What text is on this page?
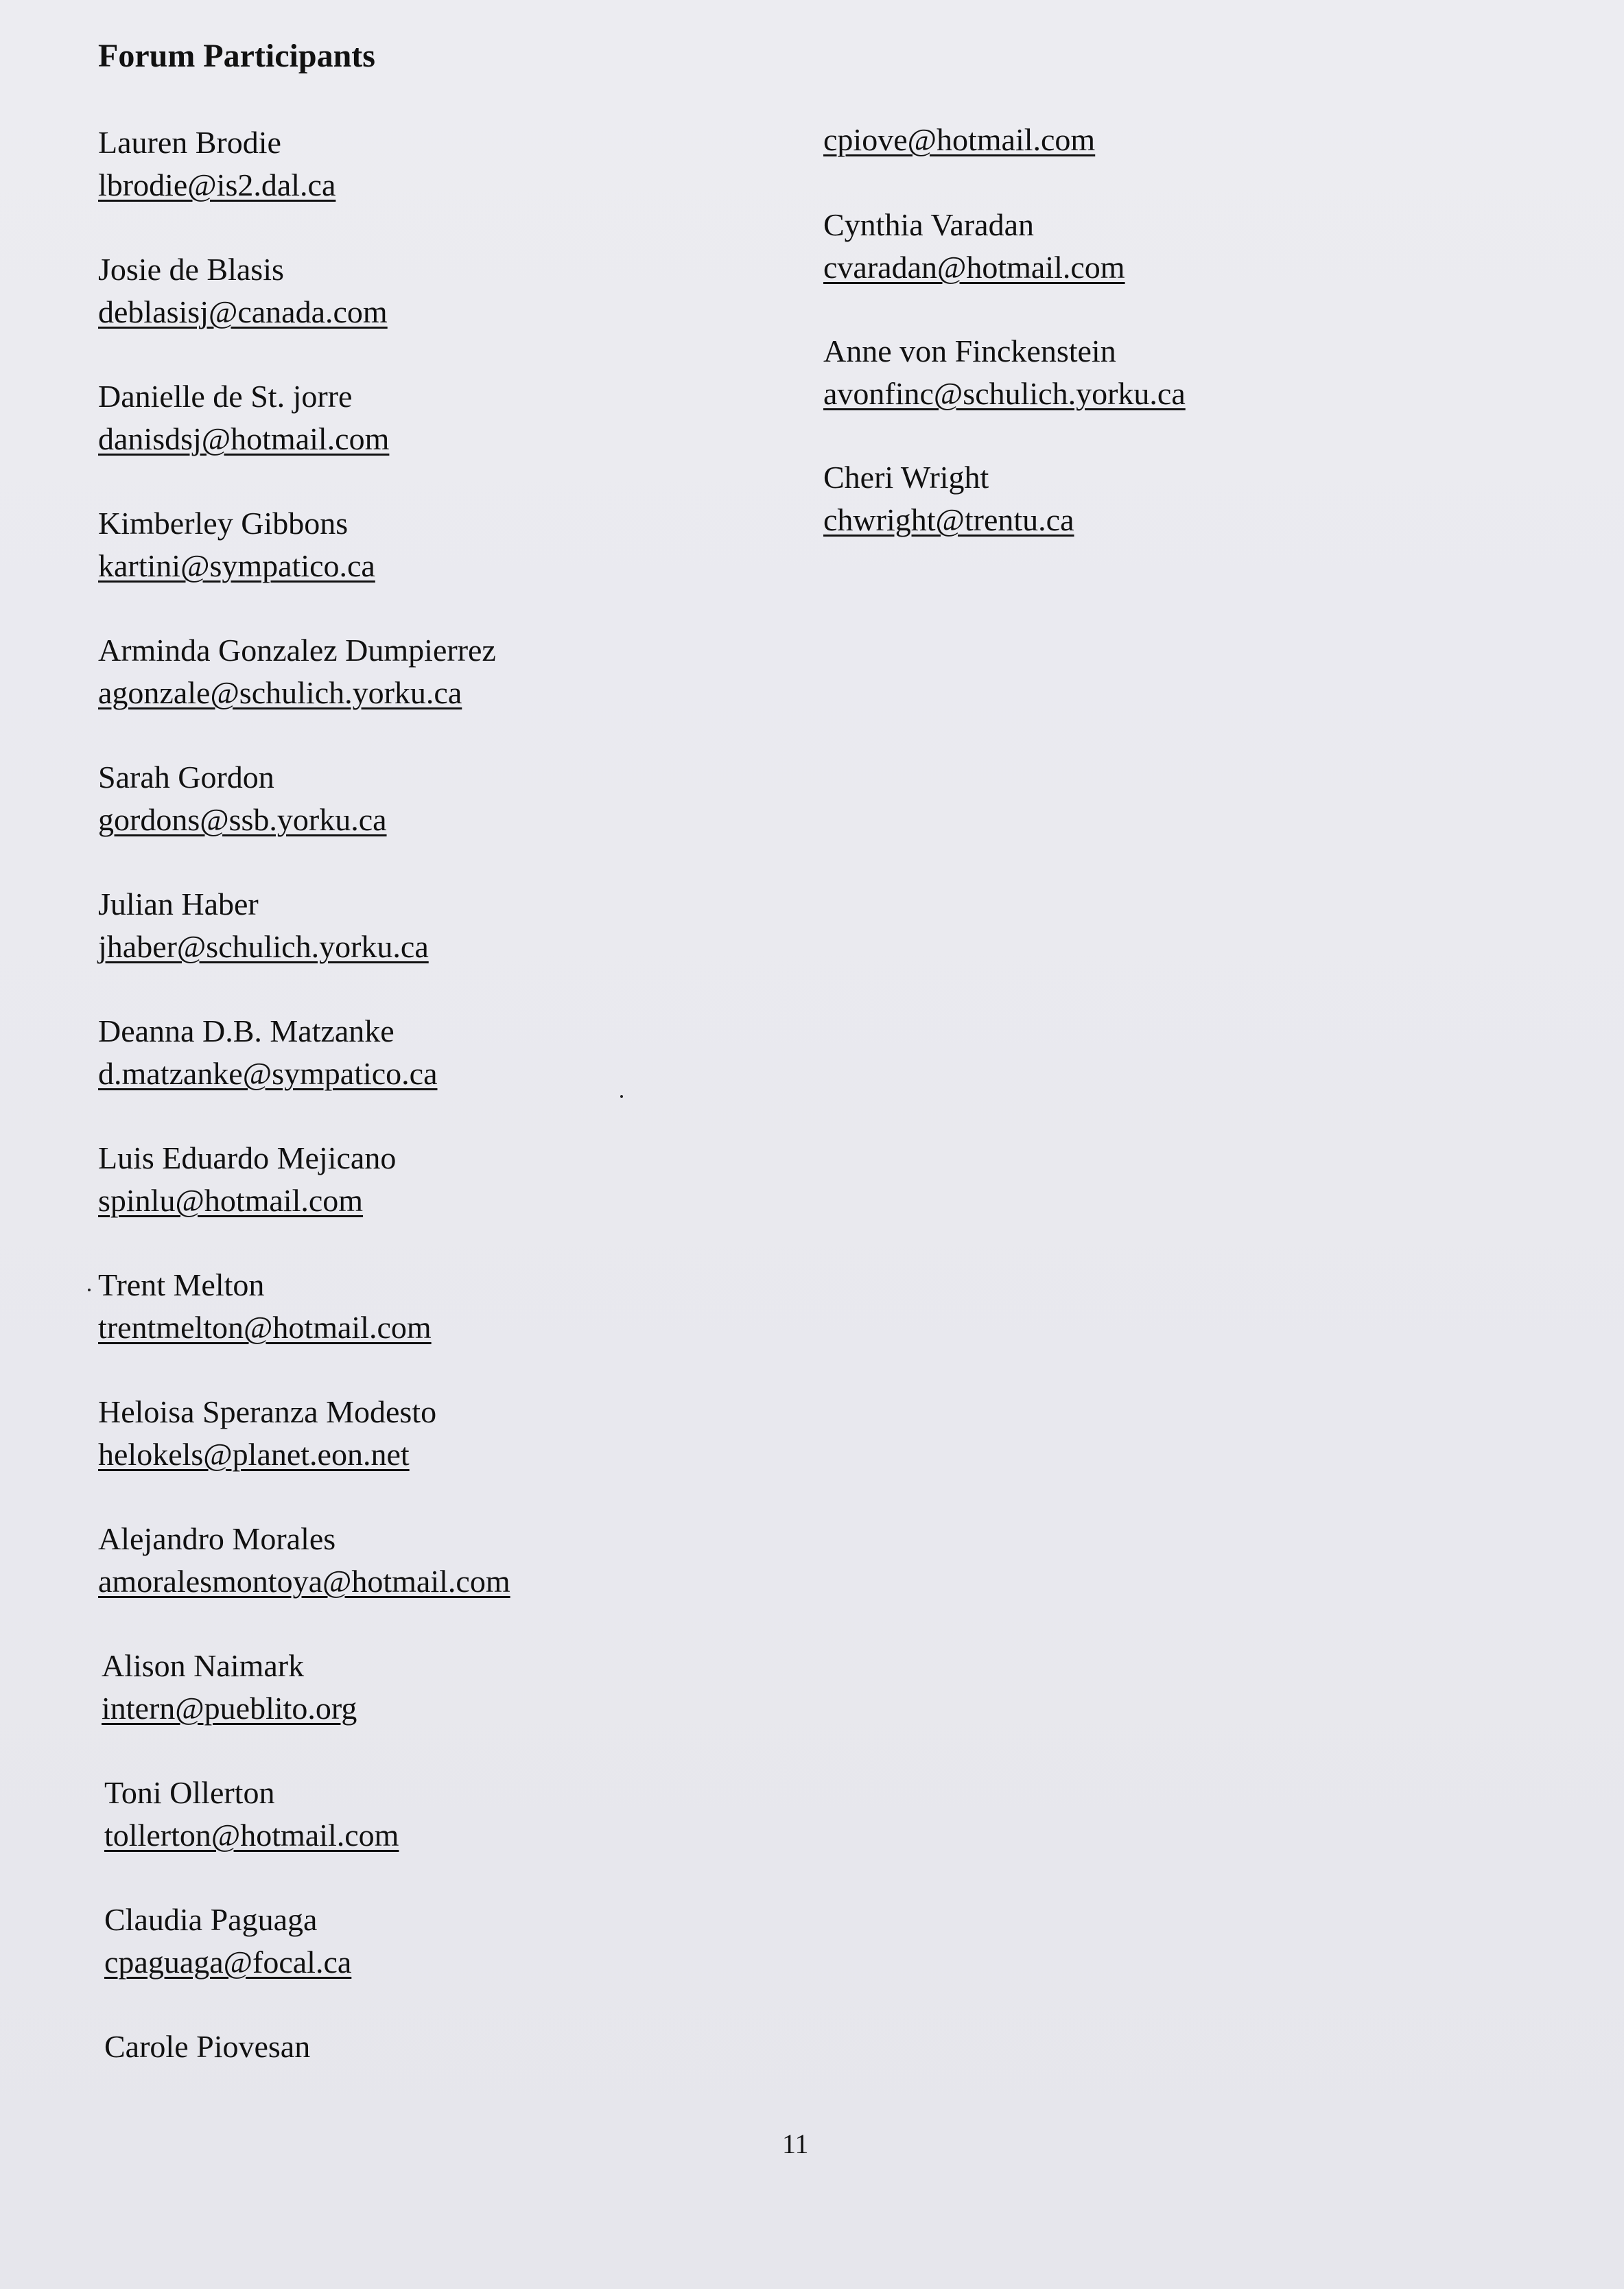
Forum Participants
Lauren Brodie
lbrodie@is2.dal.ca
Josie de Blasis
deblasisj@canada.com
Danielle de St. jorre
danisdsj@hotmail.com
Kimberley Gibbons
kartini@sympatico.ca
Arminda Gonzalez Dumpierrez
agonzale@schulich.yorku.ca
Sarah Gordon
gordons@ssb.yorku.ca
Julian Haber
jhaber@schulich.yorku.ca
Deanna D.B. Matzanke
d.matzanke@sympatico.ca
Luis Eduardo Mejicano
spinlu@hotmail.com
Trent Melton
trentmelton@hotmail.com
Heloisa Speranza Modesto
helokels@planet.eon.net
Alejandro Morales
amoralesmontoya@hotmail.com
Alison Naimark
intern@pueblito.org
Toni Ollerton
tollerton@hotmail.com
Claudia Paguaga
cpaguaga@focal.ca
Carole Piovesan
cpiove@hotmail.com
Cynthia Varadan
cvaradan@hotmail.com
Anne von Finckenstein
avonfinc@schulich.yorku.ca
Cheri Wright
chwright@trentu.ca
11
